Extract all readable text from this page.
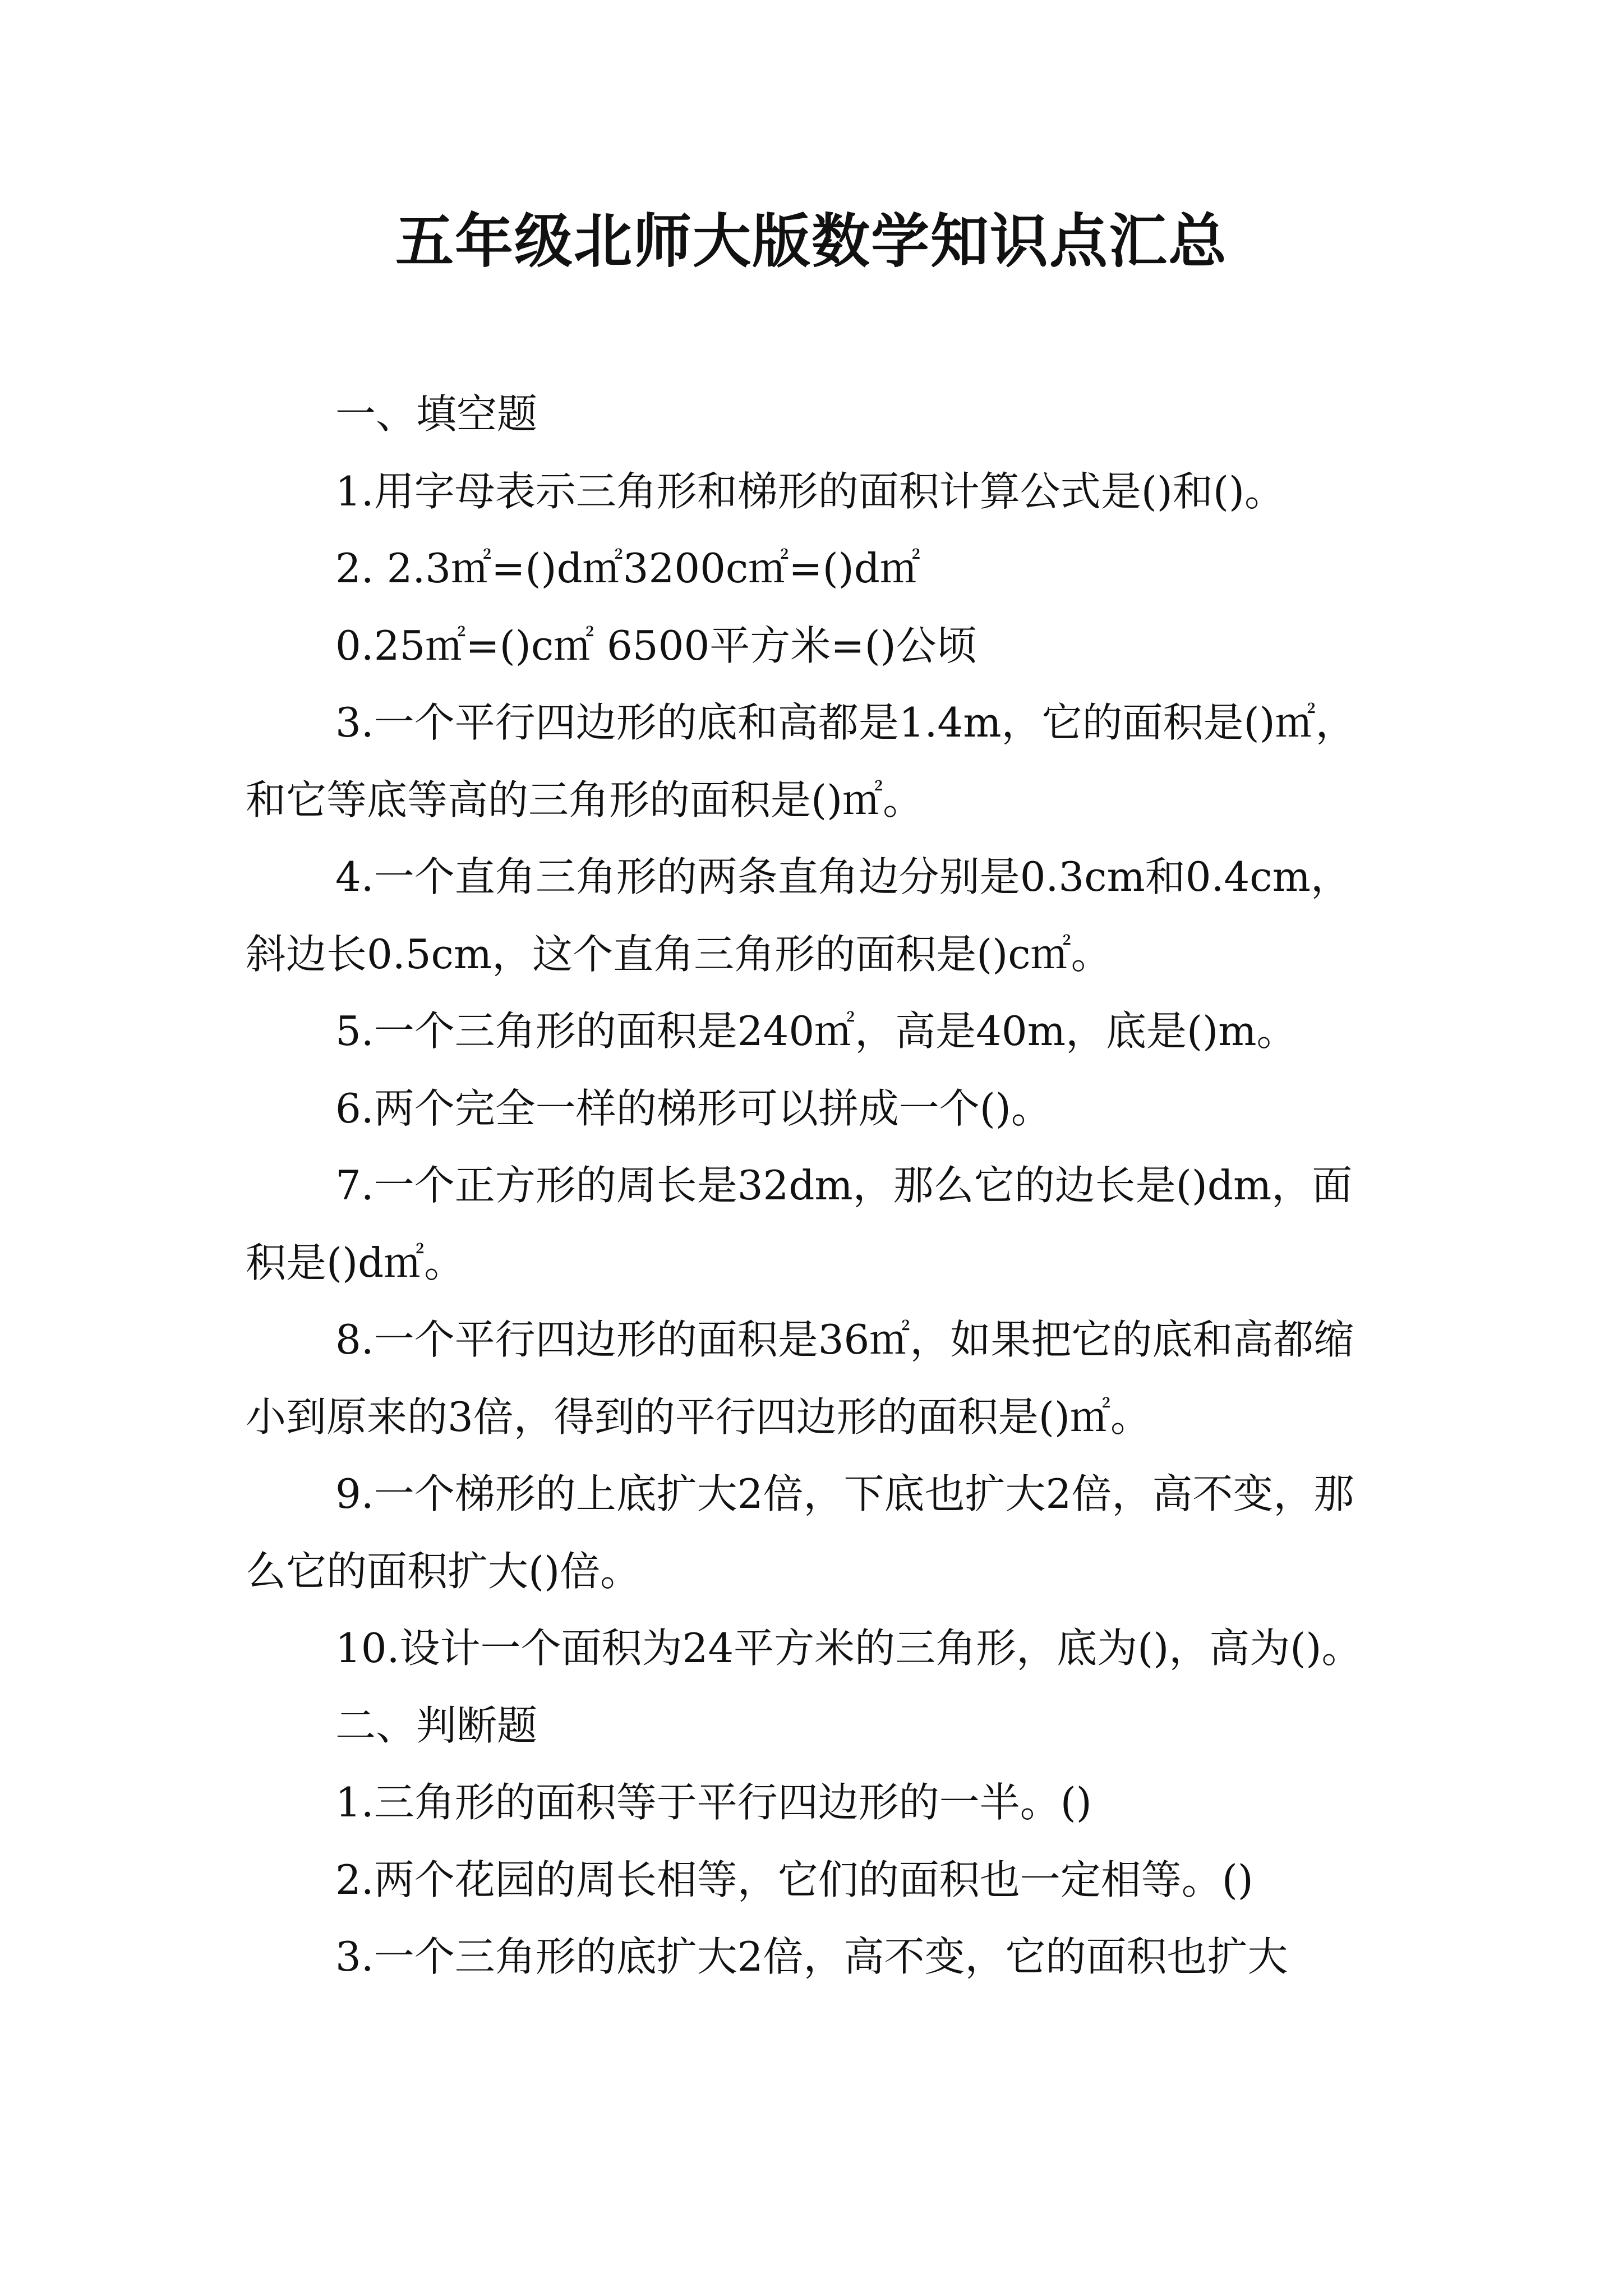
五年级北师大版数学知识点汇总

一、填空题

1.用字母表示三角形和梯形的面积计算公式是()和()。

2. 2.3㎡=()d㎡3200c㎡=()d㎡

0.25㎡=()c㎡ 6500平方米=()公顷

3.一个平行四边形的底和高都是1.4m，它的面积是()㎡，和它等底等高的三角形的面积是()㎡。

4.一个直角三角形的两条直角边分别是0.3cm和0.4cm，斜边长0.5cm，这个直角三角形的面积是()c㎡。

5.一个三角形的面积是240㎡，高是40m，底是()m。

6.两个完全一样的梯形可以拼成一个()。

7.一个正方形的周长是32dm，那么它的边长是()dm，面积是()d㎡。

8.一个平行四边形的面积是36㎡，如果把它的底和高都缩小到原来的3倍，得到的平行四边形的面积是()㎡。

9.一个梯形的上底扩大2倍，下底也扩大2倍，高不变，那么它的面积扩大()倍。

10.设计一个面积为24平方米的三角形，底为()，高为()。

二、判断题

1.三角形的面积等于平行四边形的一半。()

2.两个花园的周长相等，它们的面积也一定相等。()

3.一个三角形的底扩大2倍，高不变，它的面积也扩大
